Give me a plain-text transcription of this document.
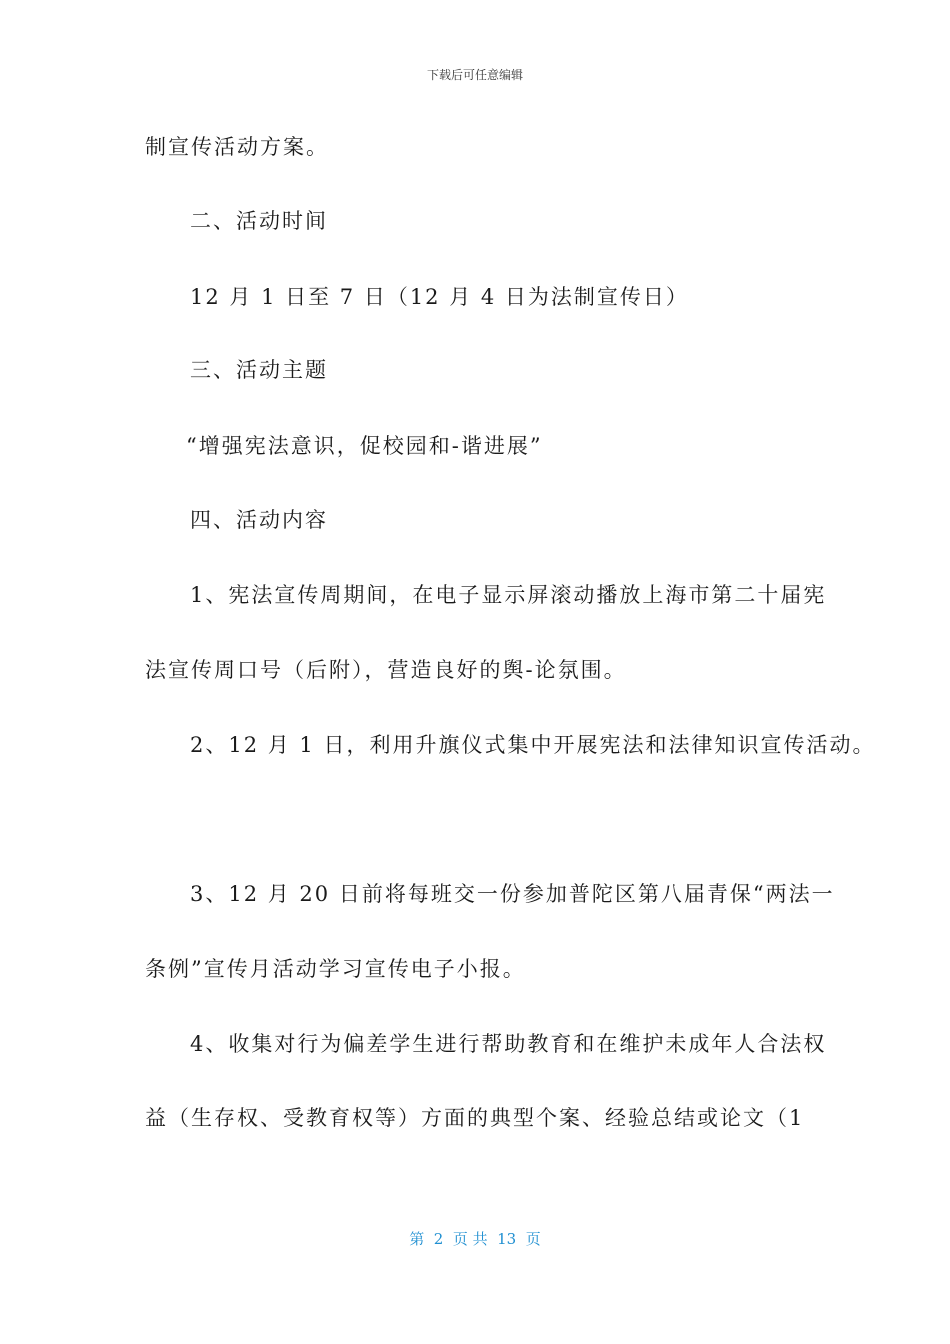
下载后可任意编辑
制宣传活动方案。
二、活动时间
12 月 1 日至 7 日（12 月 4 日为法制宣传日）
三、活动主题
“增强宪法意识，促校园和-谐进展”
四、活动内容
1、宪法宣传周期间，在电子显示屏滚动播放上海市第二十届宪
法宣传周口号（后附），营造良好的舆-论氛围。
2、12 月 1 日，利用升旗仪式集中开展宪法和法律知识宣传活动。
3、12 月 20 日前将每班交一份参加普陀区第八届青保“两法一
条例”宣传月活动学习宣传电子小报。
4、收集对行为偏差学生进行帮助教育和在维护未成年人合法权
益（生存权、受教育权等）方面的典型个案、经验总结或论文（1
第  2  页 共  13  页
